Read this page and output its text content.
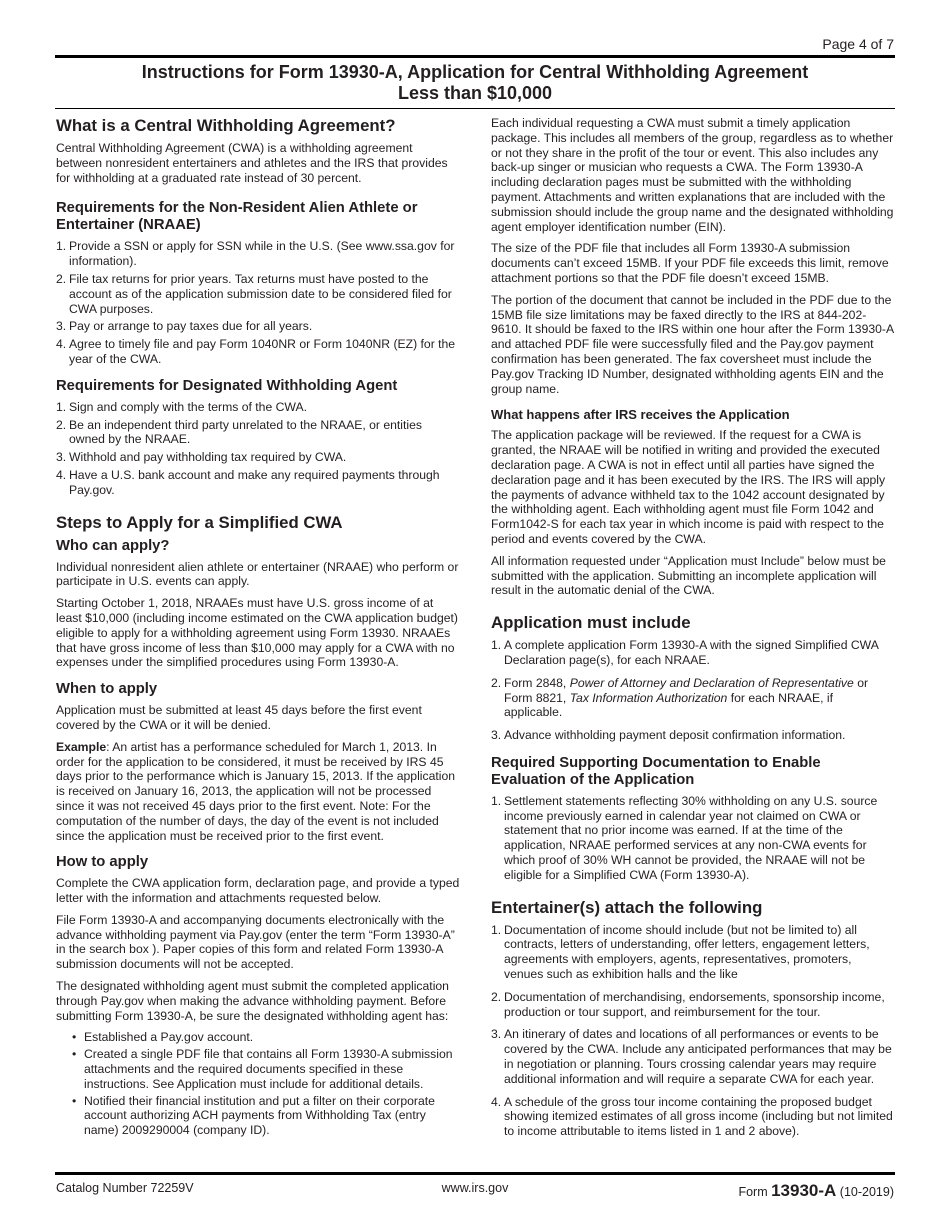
Page 4 of 7
Instructions for Form 13930-A, Application for Central Withholding Agreement
Less than $10,000
What is a Central Withholding Agreement?

Central Withholding Agreement (CWA) is a withholding agreement between nonresident entertainers and athletes and the IRS that provides for withholding at a graduated rate instead of 30 percent.

Requirements for the Non-Resident Alien Athlete or Entertainer (NRAAE)
1. Provide a SSN or apply for SSN while in the U.S. (See www.ssa.gov for information).
2. File tax returns for prior years. Tax returns must have posted to the account as of the application submission date to be considered filed for CWA purposes.
3. Pay or arrange to pay taxes due for all years.
4. Agree to timely file and pay Form 1040NR or Form 1040NR (EZ) for the year of the CWA.
Requirements for Designated Withholding Agent
1. Sign and comply with the terms of the CWA.
2. Be an independent third party unrelated to the NRAAE, or entities owned by the NRAAE.
3. Withhold and pay withholding tax required by CWA.
4. Have a U.S. bank account and make any required payments through Pay.gov.
Steps to Apply for a Simplified CWA
Who can apply?

Individual nonresident alien athlete or entertainer (NRAAE) who perform or participate in U.S. events can apply.

Starting October 1, 2018, NRAAEs must have U.S. gross income of at least $10,000 (including income estimated on the CWA application budget) eligible to apply for a withholding agreement using Form 13930. NRAAEs that have gross income of less than $10,000 may apply for a CWA with no expenses under the simplified procedures using Form 13930-A.

When to apply

Application must be submitted at least 45 days before the first event covered by the CWA or it will be denied.

Example: An artist has a performance scheduled for March 1, 2013. In order for the application to be considered, it must be received by IRS 45 days prior to the performance which is January 15, 2013. If the application is received on January 16, 2013, the application will not be processed since it was not received 45 days prior to the first event. Note: For the computation of the number of days, the day of the event is not included since the application must be received prior to the first event.

How to apply

Complete the CWA application form, declaration page, and provide a typed letter with the information and attachments requested below.

File Form 13930-A and accompanying documents electronically with the advance withholding payment via Pay.gov (enter the term “Form 13930-A” in the search box ). Paper copies of this form and related Form 13930-A submission documents will not be accepted.

The designated withholding agent must submit the completed application through Pay.gov when making the advance withholding payment. Before submitting Form 13930-A, be sure the designated withholding agent has:

• Established a Pay.gov account.
• Created a single PDF file that contains all Form 13930-A submission attachments and the required documents specified in these instructions. See Application must include for additional details.
• Notified their financial institution and put a filter on their corporate account authorizing ACH payments from Withholding Tax (entry name) 2009290004 (company ID).

Each individual requesting a CWA must submit a timely application package. This includes all members of the group, regardless as to whether or not they share in the profit of the tour or event. This also includes any back-up singer or musician who requests a CWA. The Form 13930-A including declaration pages must be submitted with the withholding payment. Attachments and written explanations that are included with the submission should include the group name and the designated withholding agent employer identification number (EIN).

The size of the PDF file that includes all Form 13930-A submission documents can’t exceed 15MB. If your PDF file exceeds this limit, remove attachment portions so that the PDF file doesn’t exceed 15MB.

The portion of the document that cannot be included in the PDF due to the 15MB file size limitations may be faxed directly to the IRS at 844-202-9610. It should be faxed to the IRS within one hour after the Form 13930-A and attached PDF file were successfully filed and the Pay.gov payment confirmation has been generated. The fax coversheet must include the Pay.gov Tracking ID Number, designated withholding agents EIN and the group name.

What happens after IRS receives the Application

The application package will be reviewed. If the request for a CWA is granted, the NRAAE will be notified in writing and provided the executed declaration page. A CWA is not in effect until all parties have signed the declaration page and it has been executed by the IRS. The IRS will apply the payments of advance withheld tax to the 1042 account designated by the withholding agent. Each withholding agent must file Form 1042 and Form1042-S for each tax year in which income is paid with respect to the period and events covered by the CWA.

All information requested under “Application must Include” below must be submitted with the application. Submitting an incomplete application will result in the automatic denial of the CWA.

Application must include
1. A complete application Form 13930-A with the signed Simplified CWA Declaration page(s), for each NRAAE.
2. Form 2848, Power of Attorney and Declaration of Representative or Form 8821, Tax Information Authorization for each NRAAE, if applicable.
3. Advance withholding payment deposit confirmation information.
Required Supporting Documentation to Enable Evaluation of the Application
1. Settlement statements reflecting 30% withholding on any U.S. source income previously earned in calendar year not claimed on CWA or statement that no prior income was earned. If at the time of the application, NRAAE performed services at any non-CWA events for which proof of 30% WH cannot be provided, the NRAAE will not be eligible for a Simplified CWA (Form 13930-A).
Entertainer(s) attach the following
1. Documentation of income should include (but not be limited to) all contracts, letters of understanding, offer letters, engagement letters, agreements with employers, agents, representatives, promoters, venues such as exhibition halls and the like
2. Documentation of merchandising, endorsements, sponsorship income, production or tour support, and reimbursement for the tour.
3. An itinerary of dates and locations of all performances or events to be covered by the CWA. Include any anticipated performances that may be in negotiation or planning. Tours crossing calendar years may require additional information and will require a separate CWA for each year.
4. A schedule of the gross tour income containing the proposed budget showing itemized estimates of all gross income (including but not limited to income attributable to items listed in 1 and 2 above).
Catalog Number 72259V	www.irs.gov	Form 13930-A (10-2019)
